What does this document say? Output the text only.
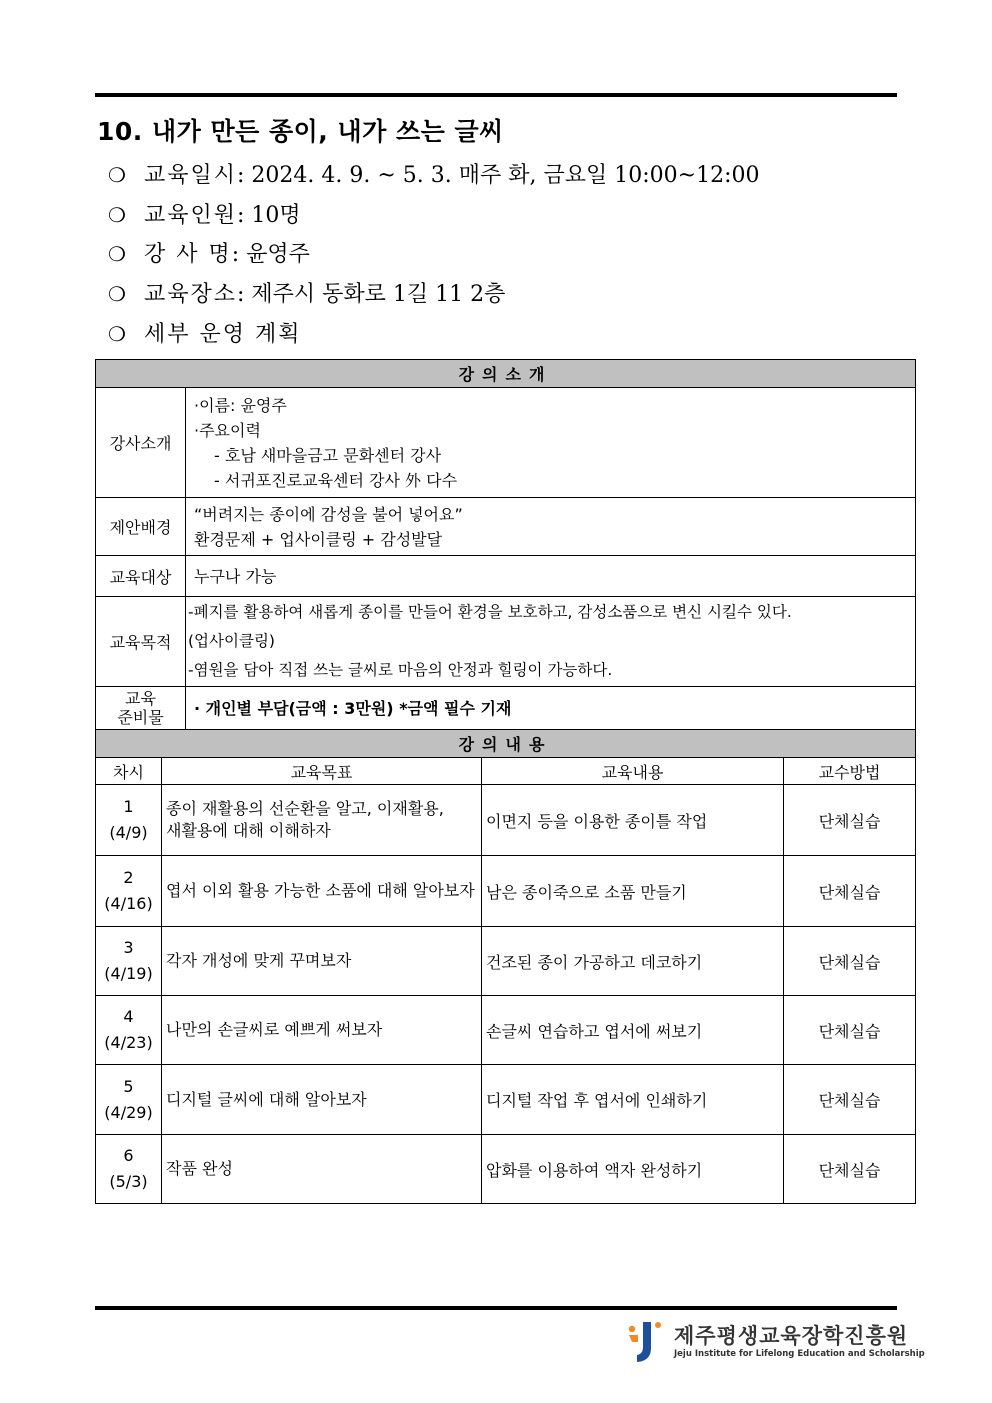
10. 내가 만든 종이, 내가 쓰는 글씨
❍ 교육일시: 2024. 4. 9. ~ 5. 3. 매주 화, 금요일 10:00~12:00
❍ 교육인원: 10명
❍ 강 사 명: 윤영주
❍ 교육장소: 제주시 동화로 1길 11 2층
❍ 세부 운영 계획
강의소개				
강사소개		·이름: 윤영주
·주요이력
- 호남 새마을금고 문화센터 강사
- 서귀포진로교육센터 강사 外 다수		

제안배경		“버려지는 종이에 감성을 불어 넣어요”
환경문제 + 업사이클링 + 감성발달		

교육대상		누구나 가능		
교육목적		-폐지를 활용하여 새롭게 종이를 만들어 환경을 보호하고, 감성소품으로 변신 시킬수 있다.
(업사이클링)
-염원을 담아 직접 쓰는 글씨로 마음의 안정과 힐링이 가능하다.		

교육
준비물		· 개인별 부담(금액 : 3만원) *금액 필수 기재		
강의내용				
차시	교육목표		교육내용	교수방법

1
(4/9)	종이 재활용의 선순환을 알고, 이재활용, 새활용에 대해 이해하자		이면지 등을 이용한 종이틀 작업	단체실습

2
(4/16)	엽서 이외 활용 가능한 소품에 대해 알아보자		남은 종이죽으로 소품 만들기	단체실습

3
(4/19)	각자 개성에 맞게 꾸며보자		건조된 종이 가공하고 데코하기	단체실습

4
(4/23)	나만의 손글씨로 예쁘게 써보자		손글씨 연습하고 엽서에 써보기	단체실습

5
(4/29)	디지털 글씨에 대해 알아보자		디지털 작업 후 엽서에 인쇄하기	단체실습

6
(5/3)	작품 완성		압화를 이용하여 액자 완성하기	단체실습
제주평생교육장학진흥원
Jeju Institute for Lifelong Education and Scholarship
